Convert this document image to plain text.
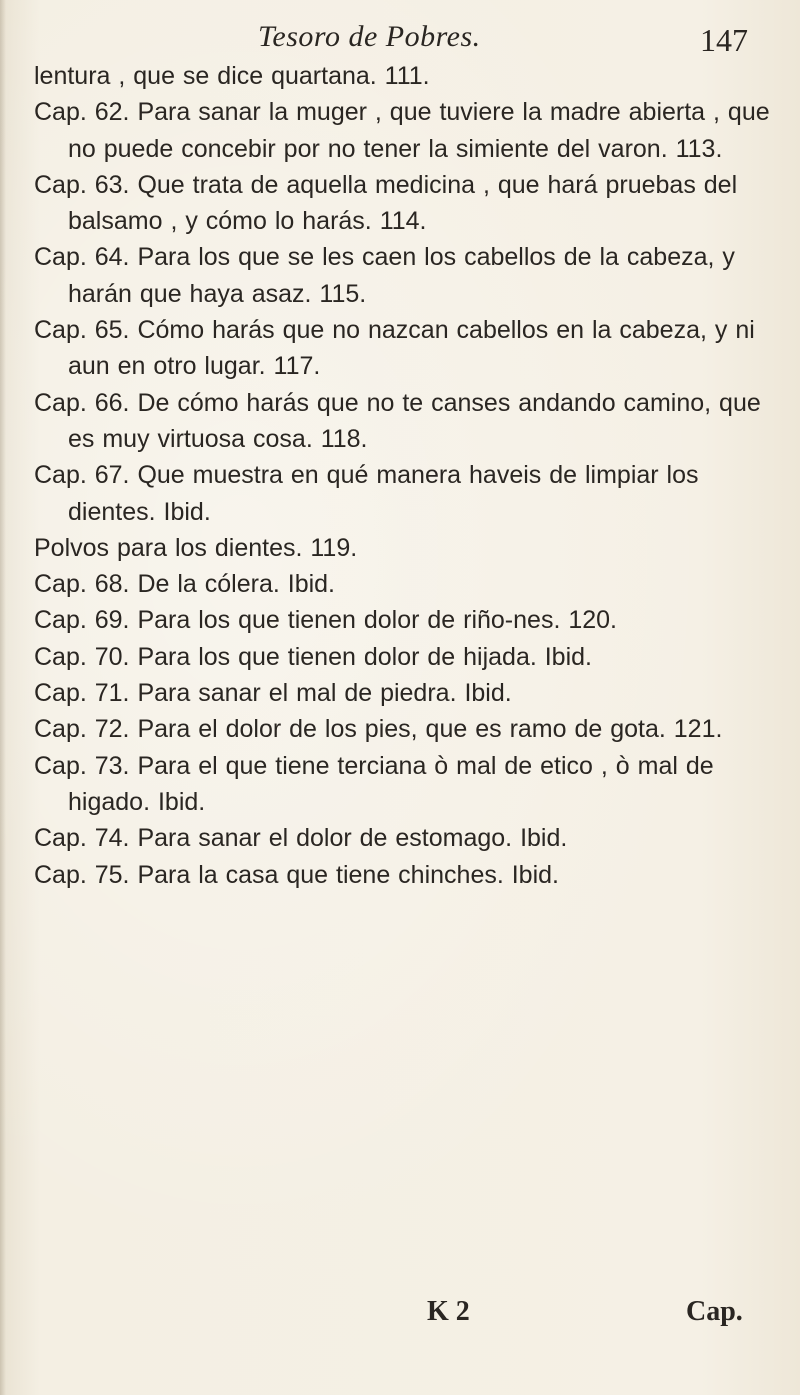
Tesoro de Pobres.	147
lentura , que se dice quartana. 111.
Cap. 62. Para sanar la muger , que tuviere la madre abierta , que no puede concebir por no tener la simiente del varon. 113.
Cap. 63. Que trata de aquella medicina , que hará pruebas del balsamo , y cómo lo harás. 114.
Cap. 64. Para los que se les caen los cabellos de la cabeza, y harán que haya asaz. 115.
Cap. 65. Cómo harás que no nazcan cabellos en la cabeza, y ni aun en otro lugar. 117.
Cap. 66. De cómo harás que no te canses andando camino, que es muy virtuosa cosa. 118.
Cap. 67. Que muestra en qué manera haveis de limpiar los dientes. Ibid.
Polvos para los dientes. 119.
Cap. 68. De la cólera. Ibid.
Cap. 69. Para los que tienen dolor de riño-nes. 120.
Cap. 70. Para los que tienen dolor de hijada. Ibid.
Cap. 71. Para sanar el mal de piedra. Ibid.
Cap. 72. Para el dolor de los pies, que es ramo de gota. 121.
Cap. 73. Para el que tiene terciana ò mal de etico , ò mal de higado. Ibid.
Cap. 74. Para sanar el dolor de estomago. Ibid.
Cap. 75. Para la casa que tiene chinches. Ibid.
K 2	Cap.
